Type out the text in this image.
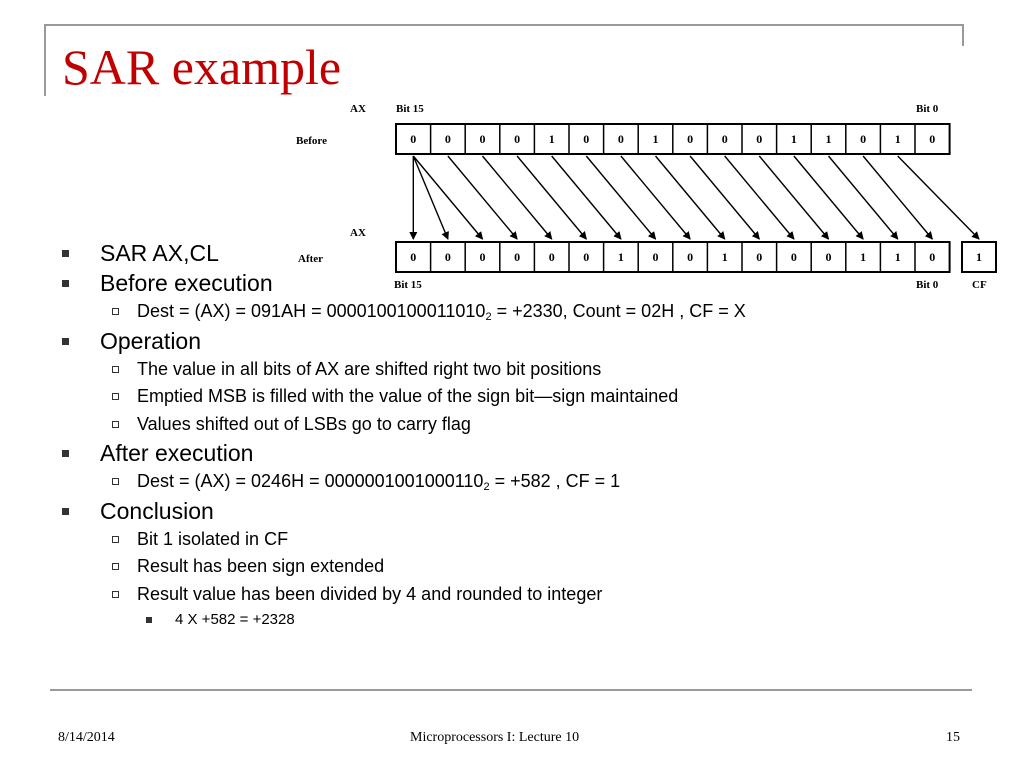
SAR example
AX	Bit 15	Bit 0
Before
AX
After
Bit 15	Bit 0	CF
0 0 0 0 1 0 0 1 0 0 0 1 1 0 1 0
0 0 0 0 0 0 1 0 0 1 0 0 0 1 1 0	1
SAR AX,CL
Before execution
Dest = $(AX) = 091AH = 0000100100011010_2 = +2330$, Count = 02H , CF = X
Operation
The value in all bits of AX are shifted right two bit positions
Emptied MSB is filled with the value of the sign bit—sign maintained
Values shifted out of LSBs go to carry flag
After execution
Dest = $(AX) = 0246H = 0000001001000110_2 = +582$ , CF = 1
Conclusion
Bit 1 isolated in CF
Result has been sign extended
Result value has been divided by 4 and rounded to integer
4 X +582 = +2328
8/14/2014	Microprocessors I: Lecture 10	15
